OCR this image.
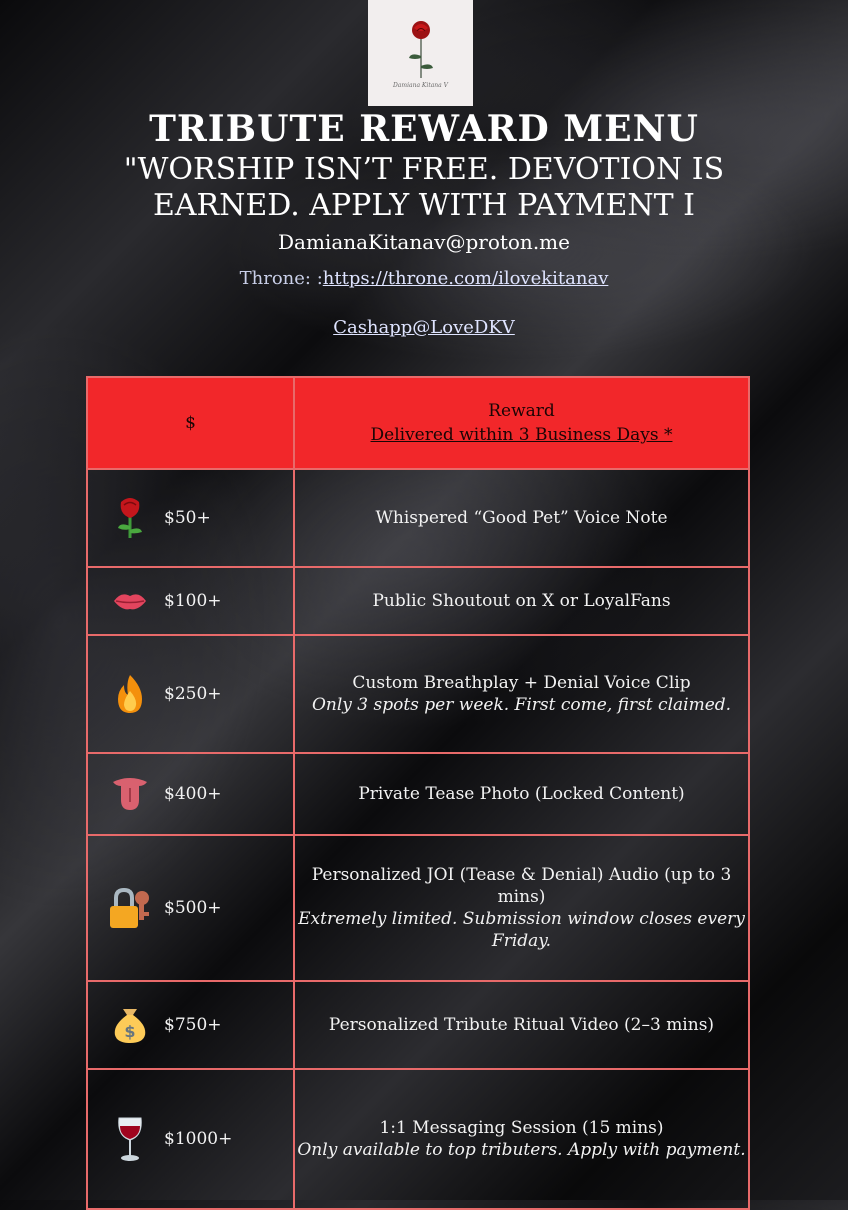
Damiana Kitana V
TRIBUTE REWARD MENU
"WORSHIP ISN’T FREE. DEVOTION IS EARNED. APPLY WITH PAYMENT I
DamianaKitanav@proton.me
Throne: :https://throne.com/ilovekitanav
Cashapp@LoveDKV
$	Reward
Delivered within 3 Business Days *

$50+	Whispered “Good Pet” Voice Note

$100+	Public Shoutout on X or LoyalFans

$250+	Custom Breathplay + Denial Voice Clip
Only 3 spots per week. First come, first claimed.

$400+	Private Tease Photo (Locked Content)

$500+	Personalized JOI (Tease & Denial) Audio (up to 3 mins)
Extremely limited. Submission window closes every Friday.

$ $750+	Personalized Tribute Ritual Video (2–3 mins)

$1000+	1:1 Messaging Session (15 mins)
Only available to top tributers. Apply with payment.
